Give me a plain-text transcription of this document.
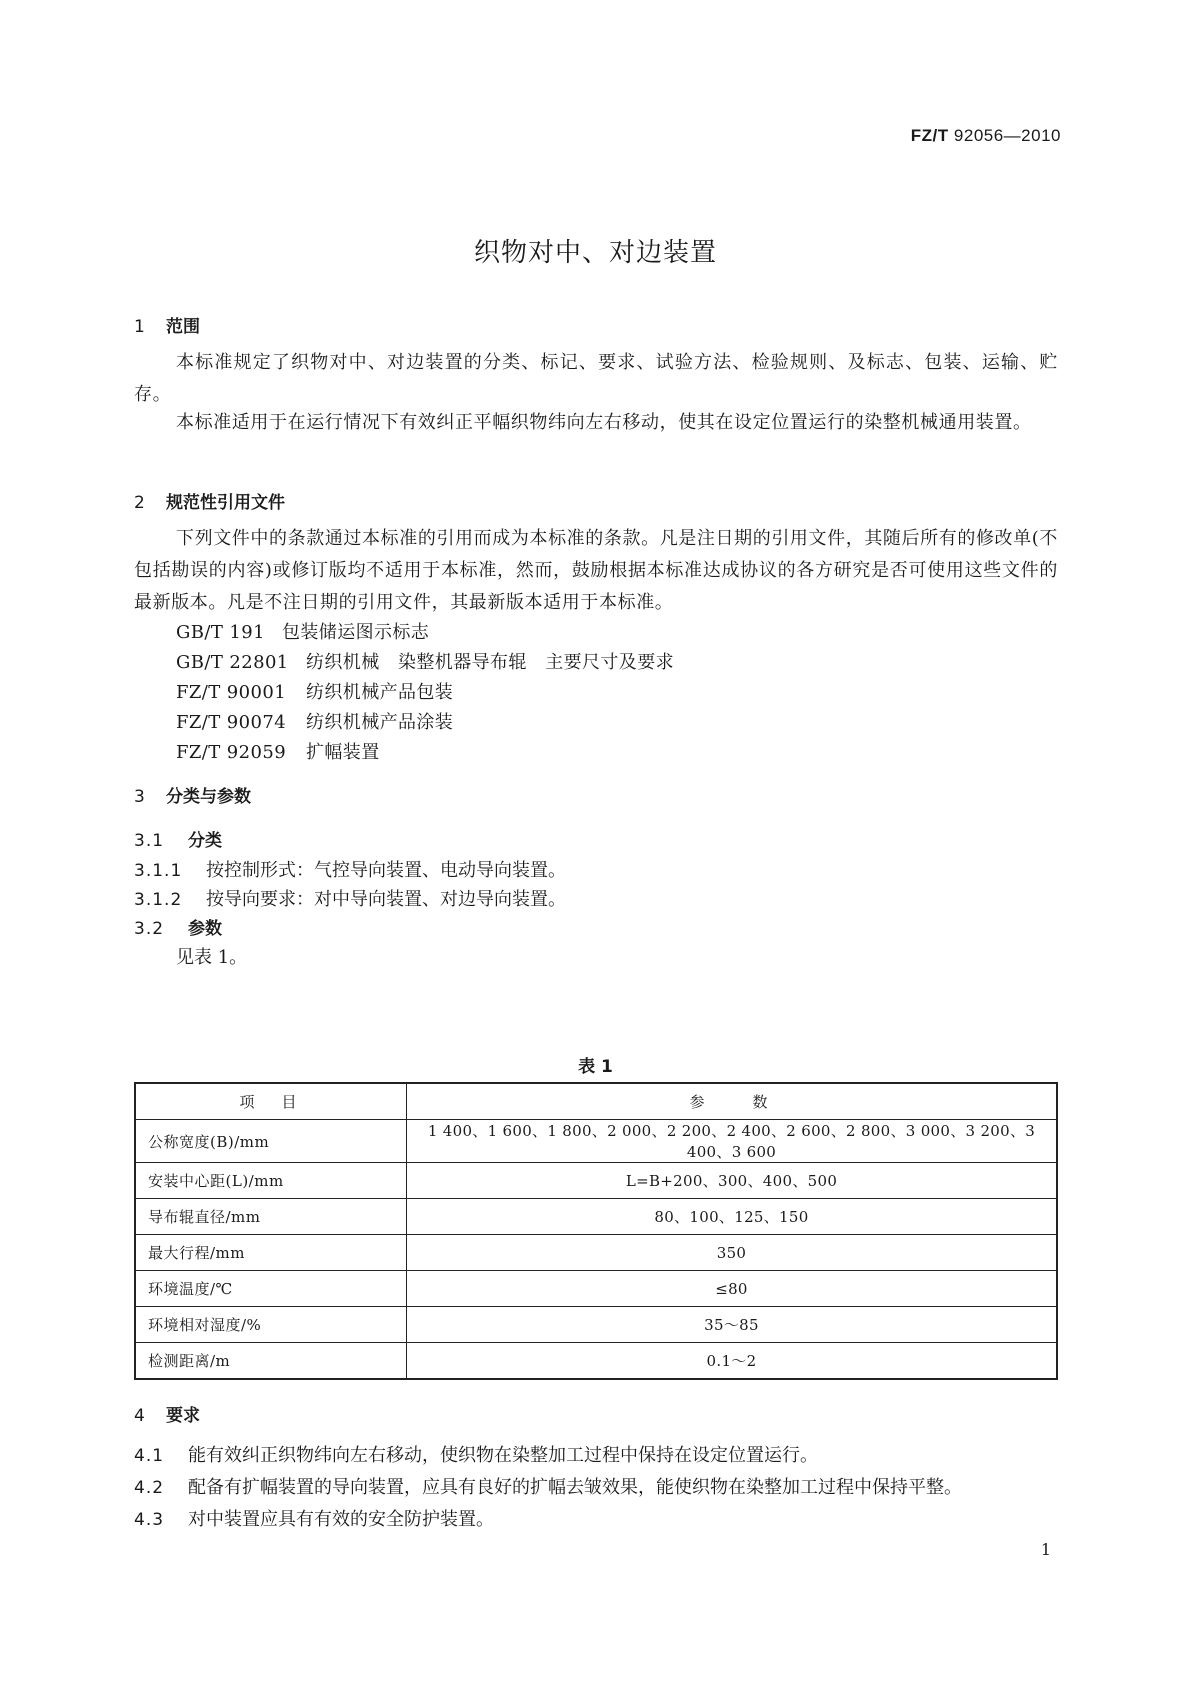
FZ/T 92056—2010
织物对中、对边装置
1 范围
本标准规定了织物对中、对边装置的分类、标记、要求、试验方法、检验规则、及标志、包装、运输、贮存。
本标准适用于在运行情况下有效纠正平幅织物纬向左右移动，使其在设定位置运行的染整机械通用装置。
2 规范性引用文件
下列文件中的条款通过本标准的引用而成为本标准的条款。凡是注日期的引用文件，其随后所有的修改单(不包括勘误的内容)或修订版均不适用于本标准，然而，鼓励根据本标准达成协议的各方研究是否可使用这些文件的最新版本。凡是不注日期的引用文件，其最新版本适用于本标准。
GB/T 191 包装储运图示标志
GB/T 22801 纺织机械　染整机器导布辊　主要尺寸及要求
FZ/T 90001 纺织机械产品包装
FZ/T 90074 纺织机械产品涂装
FZ/T 92059 扩幅装置
3 分类与参数
3.1 分类
3.1.1 按控制形式：气控导向装置、电动导向装置。
3.1.2 按导向要求：对中导向装置、对边导向装置。
3.2 参数
见表 1。
表 1
项　目	参　　数
公称宽度(B)/mm	1 400、1 600、1 800、2 000、2 200、2 400、2 600、2 800、3 000、3 200、3 400、3 600
安装中心距(L)/mm	L=B+200、300、400、500
导布辊直径/mm	80、100、125、150
最大行程/mm	350
环境温度/℃	≤80
环境相对湿度/%	35～85
检测距离/m	0.1～2
4 要求
4.1 能有效纠正织物纬向左右移动，使织物在染整加工过程中保持在设定位置运行。
4.2 配备有扩幅装置的导向装置，应具有良好的扩幅去皱效果，能使织物在染整加工过程中保持平整。
4.3 对中装置应具有有效的安全防护装置。
1
